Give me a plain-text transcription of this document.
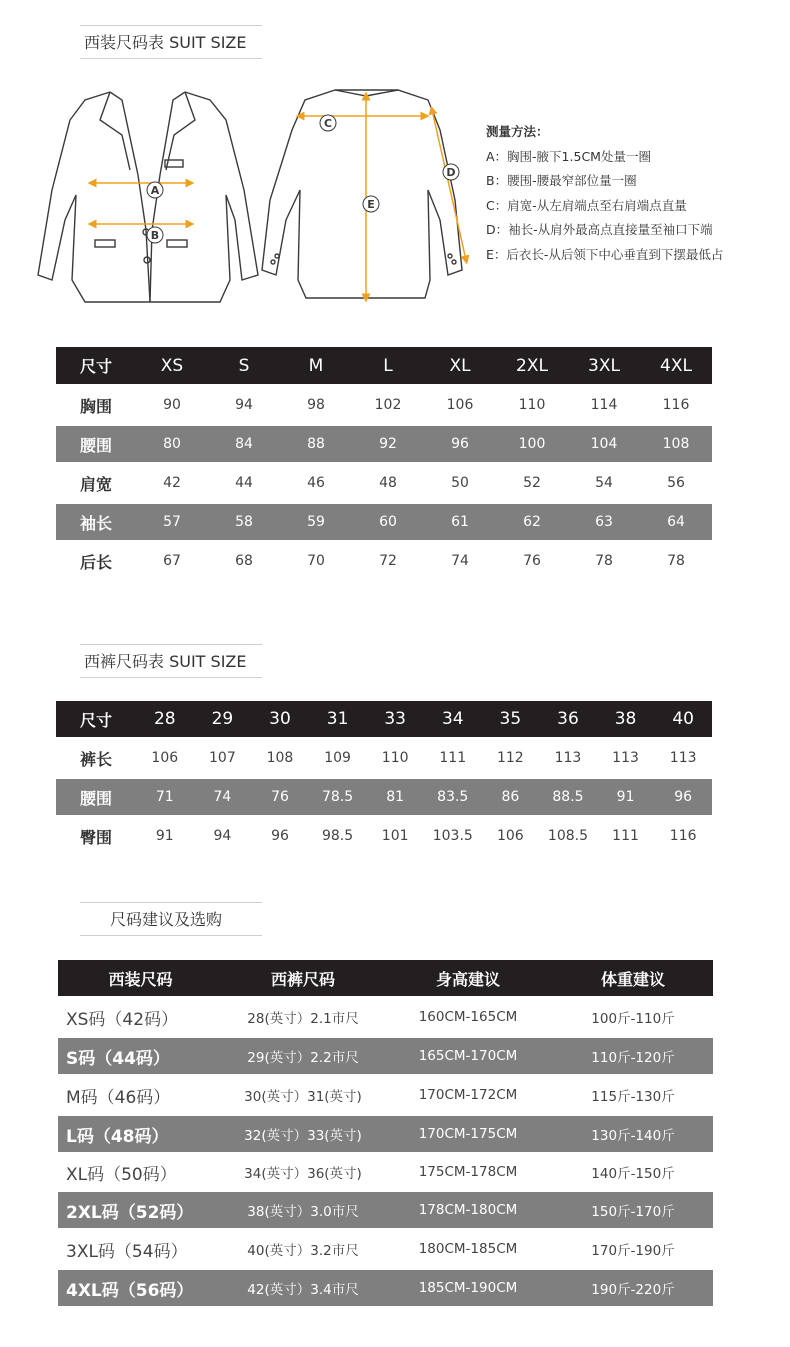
西装尺码表 SUIT SIZE
A
B
C
D
E
测量方法：
A：胸围-腋下1.5CM处量一圈
B：腰围-腰最窄部位量一圈
C：肩宽-从左肩端点至右肩端点直量
D：袖长-从肩外最高点直接量至袖口下端
E：后衣长-从后领下中心垂直到下摆最低占
尺寸	XS	S	M	L	XL	2XL	3XL	4XL
胸围	90	94	98	102	106	110	114	116
腰围	80	84	88	92	96	100	104	108
肩宽	42	44	46	48	50	52	54	56
袖长	57	58	59	60	61	62	63	64
后长	67	68	70	72	74	76	78	78
西裤尺码表 SUIT SIZE
尺寸	28	29	30	31	33	34	35	36	38	40
裤长	106	107	108	109	110	111	112	113	113	113
腰围	71	74	76	78.5	81	83.5	86	88.5	91	96
臀围	91	94	96	98.5	101	103.5	106	108.5	111	116
尺码建议及选购
西装尺码	西裤尺码	身高建议	体重建议
XS码（42码）	28(英寸）2.1市尺	160CM-165CM	100斤-110斤
S码（44码）	29(英寸）2.2市尺	165CM-170CM	110斤-120斤
M码（46码）	30(英寸）31(英寸)	170CM-172CM	115斤-130斤
L码（48码）	32(英寸）33(英寸)	170CM-175CM	130斤-140斤
XL码（50码）	34(英寸）36(英寸)	175CM-178CM	140斤-150斤
2XL码（52码）	38(英寸）3.0市尺	178CM-180CM	150斤-170斤
3XL码（54码）	40(英寸）3.2市尺	180CM-185CM	170斤-190斤
4XL码（56码）	42(英寸）3.4市尺	185CM-190CM	190斤-220斤
